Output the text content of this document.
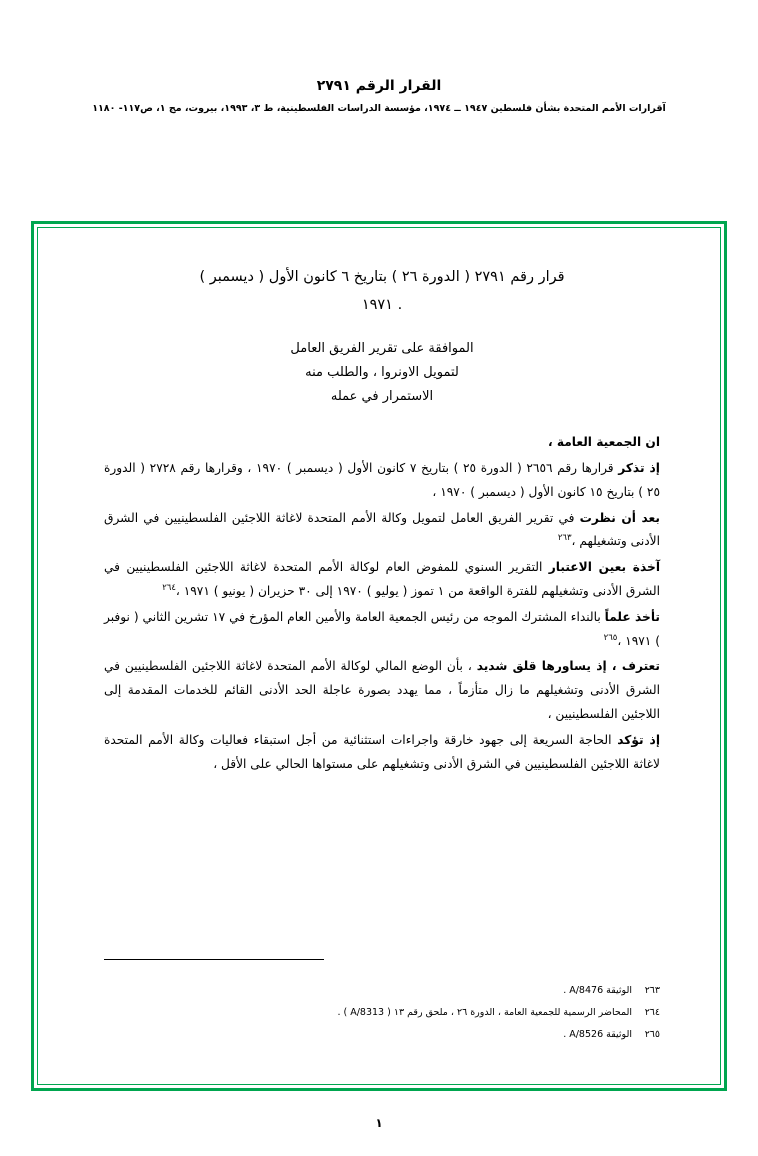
القرار الرقم ٢٧٩١
آقرارات الأمم المتحدة بشأن فلسطين ١٩٤٧ ــ ١٩٧٤، مؤسسة الدراسات الفلسطينية، ط ٣، ١٩٩٣، بيروت، مج ١، ص١١٧- ١١٨٠
قرار رقم ٢٧٩١ ( الدورة ٢٦ ) بتاريخ ٦ كانون الأول ( ديسمبر )
. ١٩٧١
الموافقة على تقرير الفريق العامل
لتمويل الاونروا ، والطلب منه
الاستمرار في عمله

ان الجمعية العامة ،

إذ تذكر قرارها رقم ٢٦٥٦ ( الدورة ٢٥ ) بتاريخ ٧ كانون الأول ( ديسمبر ) ١٩٧٠ ، وقرارها رقم ٢٧٢٨ ( الدورة ٢٥ ) بتاريخ ١٥ كانون الأول ( ديسمبر ) ١٩٧٠ ،

بعد أن نظرت في تقرير الفريق العامل لتمويل وكالة الأمم المتحدة لاغاثة اللاجئين الفلسطينيين في الشرق الأدنى وتشغيلهم ،$^{٢٦٣}$

آخذة بعين الاعتبار التقرير السنوي للمفوض العام لوكالة الأمم المتحدة لاغاثة اللاجئين الفلسطينيين في الشرق الأدنى وتشغيلهم للفترة الواقعة من ١ تموز ( يوليو ) ١٩٧٠ إلى ٣٠ حزيران ( يونيو ) ١٩٧١ ،$^{٢٦٤}$

تأخذ علماً بالنداء المشترك الموجه من رئيس الجمعية العامة والأمين العام المؤرخ في ١٧ تشرين الثاني ( نوفبر ) ١٩٧١ ،$^{٢٦٥}$

تعترف ، إذ يساورها قلق شديد ، بأن الوضع المالي لوكالة الأمم المتحدة لاغاثة اللاجئين الفلسطينيين في الشرق الأدنى وتشغيلهم ما زال متأزماً ، مما يهدد بصورة عاجلة الحد الأدنى القائم للخدمات المقدمة إلى اللاجئين الفلسطينيين ،

إذ تؤكد الحاجة السريعة إلى جهود خارقة واجراءات استثنائية من أجل استبقاء فعاليات وكالة الأمم المتحدة لاغاثة اللاجئين الفلسطينيين في الشرق الأدنى وتشغيلهم على مستواها الحالي على الأقل ،

٢٦٣الوثيقة A/8476 .
٢٦٤المحاضر الرسمية للجمعية العامة ، الدورة ٢٦ ، ملحق رقم ١٣ ( A/8313 ) .
٢٦٥الوثيقة A/8526 .
١
